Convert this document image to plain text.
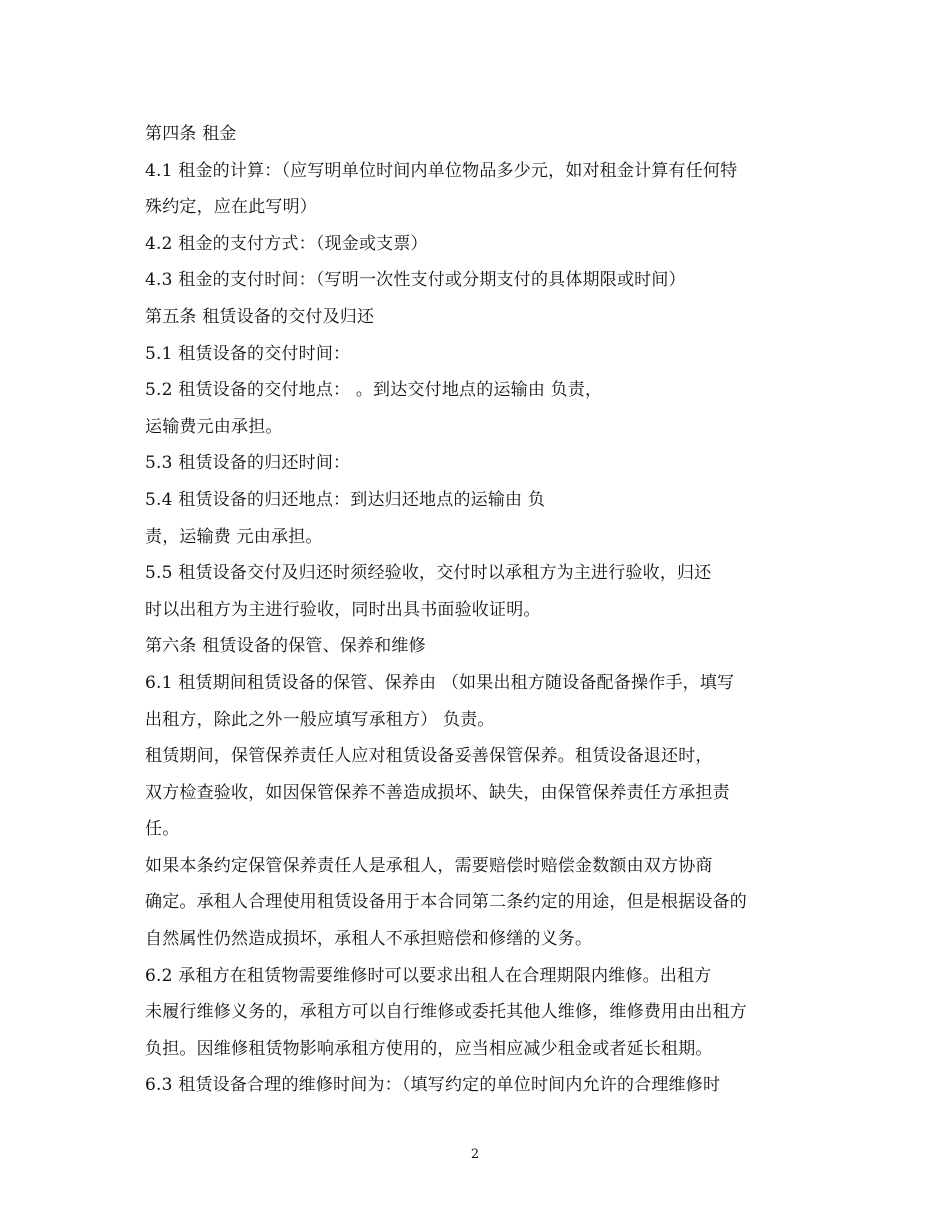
第四条 租金
4.1 租金的计算：（应写明单位时间内单位物品多少元，如对租金计算有任何特
殊约定，应在此写明）
4.2 租金的支付方式：（现金或支票）
4.3 租金的支付时间：（写明一次性支付或分期支付的具体期限或时间）
第五条 租赁设备的交付及归还
5.1 租赁设备的交付时间：
5.2 租赁设备的交付地点： 。到达交付地点的运输由 负责，
运输费元由承担。
5.3 租赁设备的归还时间：
5.4 租赁设备的归还地点：到达归还地点的运输由 负
责，运输费 元由承担。
5.5 租赁设备交付及归还时须经验收，交付时以承租方为主进行验收，归还
时以出租方为主进行验收，同时出具书面验收证明。
第六条 租赁设备的保管、保养和维修
6.1 租赁期间租赁设备的保管、保养由 （如果出租方随设备配备操作手，填写
出租方，除此之外一般应填写承租方） 负责。
租赁期间，保管保养责任人应对租赁设备妥善保管保养。租赁设备退还时，
双方检查验收，如因保管保养不善造成损坏、缺失，由保管保养责任方承担责
任。
如果本条约定保管保养责任人是承租人，需要赔偿时赔偿金数额由双方协商
确定。承租人合理使用租赁设备用于本合同第二条约定的用途，但是根据设备的
自然属性仍然造成损坏，承租人不承担赔偿和修缮的义务。
6.2 承租方在租赁物需要维修时可以要求出租人在合理期限内维修。出租方
未履行维修义务的，承租方可以自行维修或委托其他人维修，维修费用由出租方
负担。因维修租赁物影响承租方使用的，应当相应减少租金或者延长租期。
6.3 租赁设备合理的维修时间为：（填写约定的单位时间内允许的合理维修时
2
